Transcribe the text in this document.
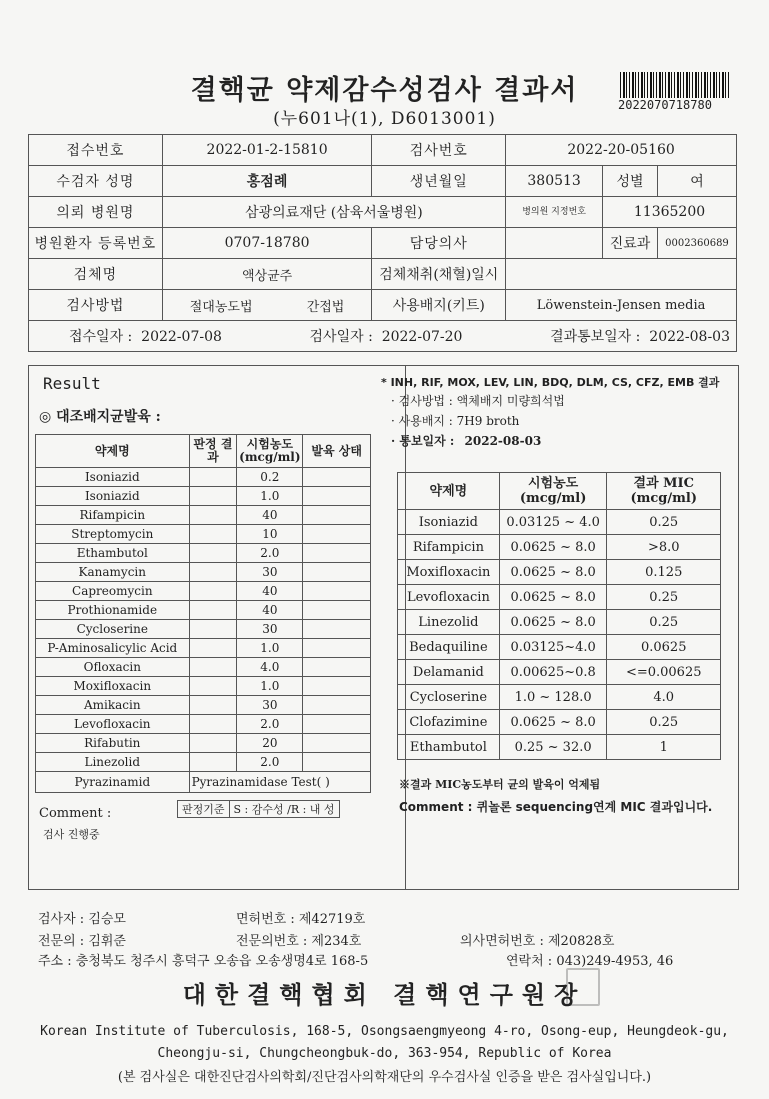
결핵균 약제감수성검사 결과서
(누601나(1), D6013001)
2022070718780
접수번호	2022-01-2-15810	검사번호	2022-20-05160		
수검자 성명	홍점례	생년월일	380513	성별	여
의뢰 병원명	삼광의료재단 (삼육서울병원)		병의원 지정번호	11365200	
병원환자 등록번호	0707-18780	담당의사		진료과	0002360689
검체명	액상균주	검체채취(채혈)일시			
검사방법	절대농도법 간접법	사용배지(키트)	Löwenstein-Jensen media		

접수일자 : 2022-07-08 검사일자 : 2022-07-20 결과통보일자 : 2022-08-03					
Result
◎ 대조배지균발육 :
약제명	판정 결과	시험농도 (mcg/ml)	발육 상태
Isoniazid		0.2	
Isoniazid		1.0	
Rifampicin		40	
Streptomycin		10	
Ethambutol		2.0	
Kanamycin		30	
Capreomycin		40	
Prothionamide		40	
Cycloserine		30	
P-Aminosalicylic Acid		1.0	
Ofloxacin		4.0	
Moxifloxacin		1.0	
Amikacin		30	
Levofloxacin		2.0	
Rifabutin		20	
Linezolid		2.0	
Pyrazinamid	Pyrazinamidase Test( )		
판정기준	S : 감수성 /R : 내 성
Comment :
검사 진행중
* INH, RIF, MOX, LEV, LIN, BDQ, DLM, CS, CFZ, EMB 결과
· 검사방법 : 액체배지 미량희석법
· 사용배지 : 7H9 broth
· 통보일자 : 2022-08-03
약제명	시험농도 (mcg/ml)	결과 MIC (mcg/ml)
Isoniazid	0.03125 ~ 4.0	0.25
Rifampicin	0.0625 ~ 8.0	>8.0
Moxifloxacin	0.0625 ~ 8.0	0.125
Levofloxacin	0.0625 ~ 8.0	0.25
Linezolid	0.0625 ~ 8.0	0.25
Bedaquiline	0.03125~4.0	0.0625
Delamanid	0.00625~0.8	<=0.00625
Cycloserine	1.0 ~ 128.0	4.0
Clofazimine	0.0625 ~ 8.0	0.25
Ethambutol	0.25 ~ 32.0	1
※결과 MIC농도부터 균의 발육이 억제됨
Comment : 퀴놀론 sequencing연계 MIC 결과입니다.
검사자 : 김승모	면허번호 : 제42719호
전문의 : 김휘준	전문의번호 : 제234호	의사면허번호 : 제20828호
주소 : 충청북도 청주시 흥덕구 오송읍 오송생명4로 168-5	연락처 : 043)249-4953, 46
대한결핵협회 결핵연구원장
Korean Institute of Tuberculosis, 168-5, Osongsaengmyeong 4-ro, Osong-eup, Heungdeok-gu,
Cheongju-si, Chungcheongbuk-do, 363-954, Republic of Korea
(본 검사실은 대한진단검사의학회/진단검사의학재단의 우수검사실 인증을 받은 검사실입니다.)
